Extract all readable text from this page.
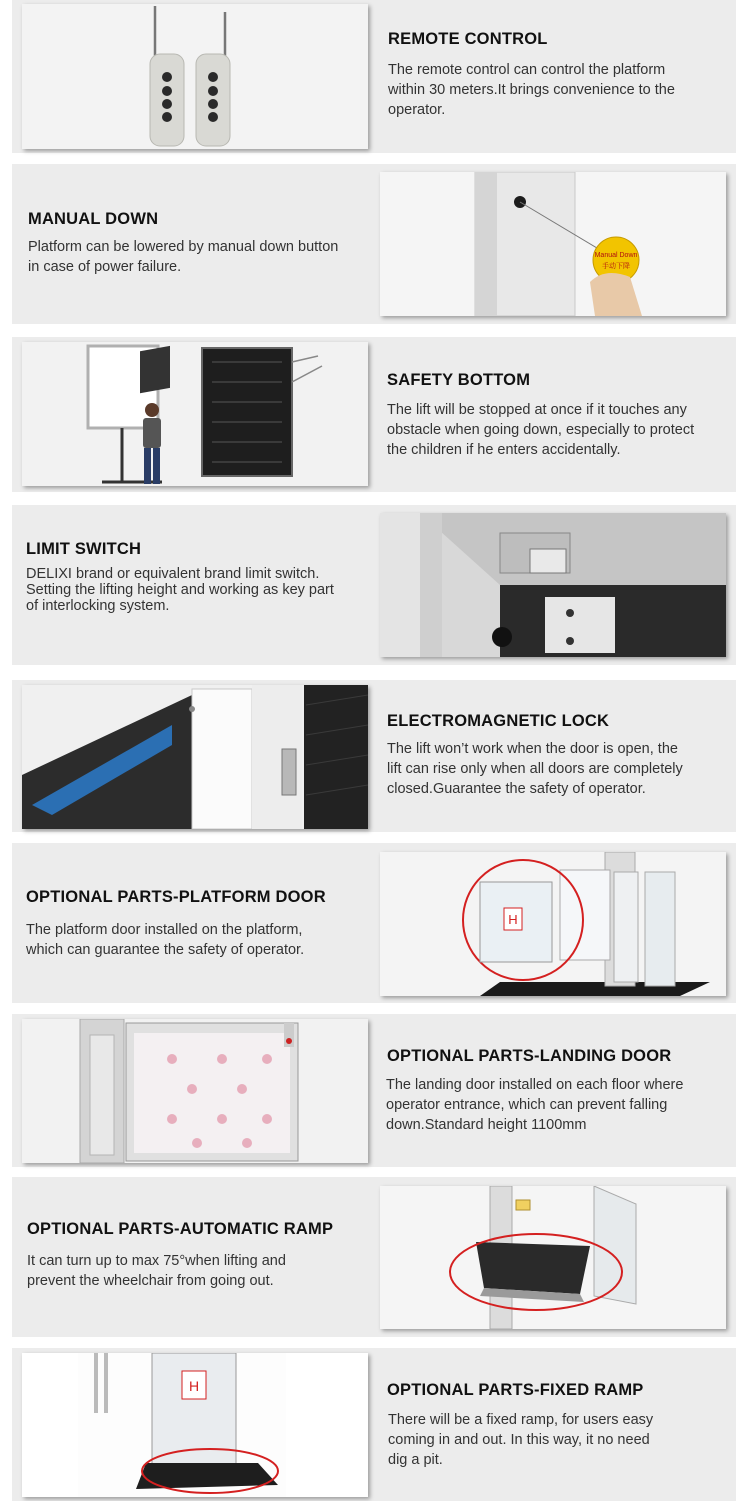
REMOTE CONTROL
The remote control can control the platform
within 30 meters.It brings convenience to the
operator.
MANUAL DOWN
Platform can be lowered by manual down button
in case of power failure.
Manual Down
手动下降
SAFETY BOTTOM
The lift will be stopped at once if it touches any
obstacle when going down, especially to protect
the children if he enters accidentally.
LIMIT SWITCH
DELIXI brand or equivalent brand limit switch.
Setting the lifting height and working as key part
of interlocking system.
ELECTROMAGNETIC LOCK
The lift won’t work when the door is open, the
lift can rise only when all doors are completely
closed.Guarantee the safety of operator.
OPTIONAL PARTS-PLATFORM DOOR
The platform door installed on the platform,
which can guarantee the safety of operator.
H
OPTIONAL PARTS-LANDING DOOR
The landing door installed on each floor where
operator entrance, which can prevent falling
down.Standard height 1100mm
OPTIONAL PARTS-AUTOMATIC RAMP
It can turn up to max 75°when lifting and
prevent the wheelchair from going out.
H	OPTIONAL PARTS-FIXED RAMP
There will be a fixed ramp, for users easy
coming in and out. In this way, it no need
dig a pit.
